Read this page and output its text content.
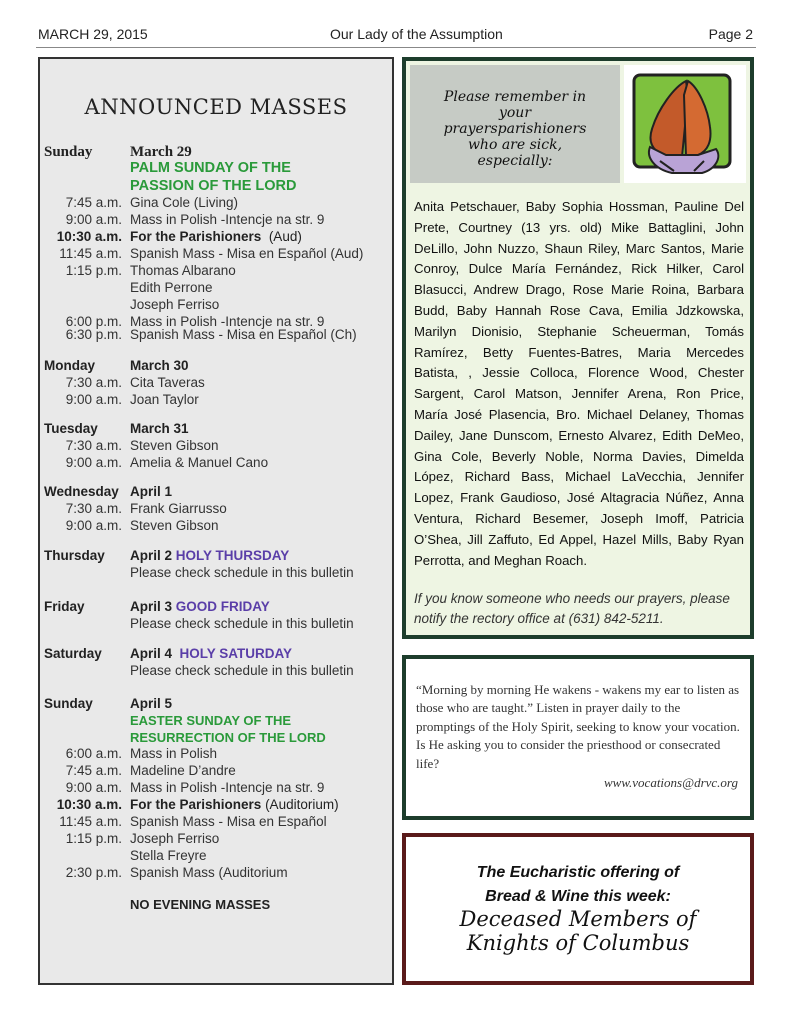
MARCH 29, 2015	Our Lady of the Assumption	Page 2
ANNOUNCED MASSES
Sunday	March 29
PALM SUNDAY OF THE
PASSION OF THE LORD
7:45 a.m. Gina Cole (Living)
9:00 a.m. Mass in Polish -Intencje na str. 9
10:30 a.m. For the Parishioners (Aud)
11:45 a.m. Spanish Mass - Misa en Español (Aud)
1:15 p.m. Thomas Albarano
Edith Perrone
Joseph Ferriso
6:00 p.m. Mass in Polish -Intencje na str. 9
6:30 p.m. Spanish Mass - Misa en Español (Ch)
Monday	March 30
7:30 a.m. Cita Taveras
9:00 a.m. Joan Taylor
Tuesday March 31
7:30 a.m. Steven Gibson
9:00 a.m. Amelia & Manuel Cano
Wednesday April 1
7:30 a.m. Frank Giarrusso
9:00 a.m. Steven Gibson
Thursday April 2 HOLY THURSDAY
Please check schedule in this bulletin
Friday	April 3 GOOD FRIDAY
Please check schedule in this bulletin
Saturday April 4 HOLY SATURDAY
Please check schedule in this bulletin
Sunday	April 5
EASTER SUNDAY OF THE
RESURRECTION OF THE LORD
6:00 a.m. Mass in Polish
7:45 a.m. Madeline D’andre
9:00 a.m. Mass in Polish -Intencje na str. 9
10:30 a.m. For the Parishioners (Auditorium)
11:45 a.m. Spanish Mass - Misa en Español
1:15 p.m. Joseph Ferriso
Stella Freyre
2:30 p.m. Spanish Mass (Auditorium
NO EVENING MASSES
Please remember in
your
prayersparishioners
who are sick,
especially:
Anita Petschauer, Baby Sophia Hossman, Pauline Del Prete, Courtney (13 yrs. old) Mike Battaglini, John DeLillo, John Nuzzo, Shaun Riley, Marc Santos, Marie Conroy, Dulce María Fernández, Rick Hilker, Carol Blasucci, Andrew Drago, Rose Marie Roina, Barbara Budd, Baby Hannah Rose Cava, Emilia Jdzkowska, Marilyn Dionisio, Stephanie Scheuerman, Tomás Ramírez, Betty Fuentes-Batres, Maria Mercedes Batista, , Jessie Colloca, Florence Wood, Chester Sargent, Carol Matson, Jennifer Arena, Ron Price, María José Plasencia, Bro. Michael Delaney, Thomas Dailey, Jane Dunscom, Ernesto Alvarez, Edith DeMeo, Gina Cole, Beverly Noble, Norma Davies, Dimelda López, Richard Bass, Michael LaVecchia, Jennifer Lopez, Frank Gaudioso, José Altagracia Núñez, Anna Ventura, Richard Besemer, Joseph Imoff, Patricia O’Shea, Jill Zaffuto, Ed Appel, Hazel Mills, Baby Ryan Perrotta, and Meghan Roach.
If you know someone who needs our prayers, please notify the rectory office at (631) 842-5211.
“Morning by morning He wakens - wakens my ear to listen as those who are taught.” Listen in prayer daily to the promptings of the Holy Spirit, seeking to know your vocation. Is He asking you to consider the priesthood or consecrated life?
www.vocations@drvc.org
The Eucharistic offering of
Bread & Wine this week:
Deceased Members of
Knights of Columbus
